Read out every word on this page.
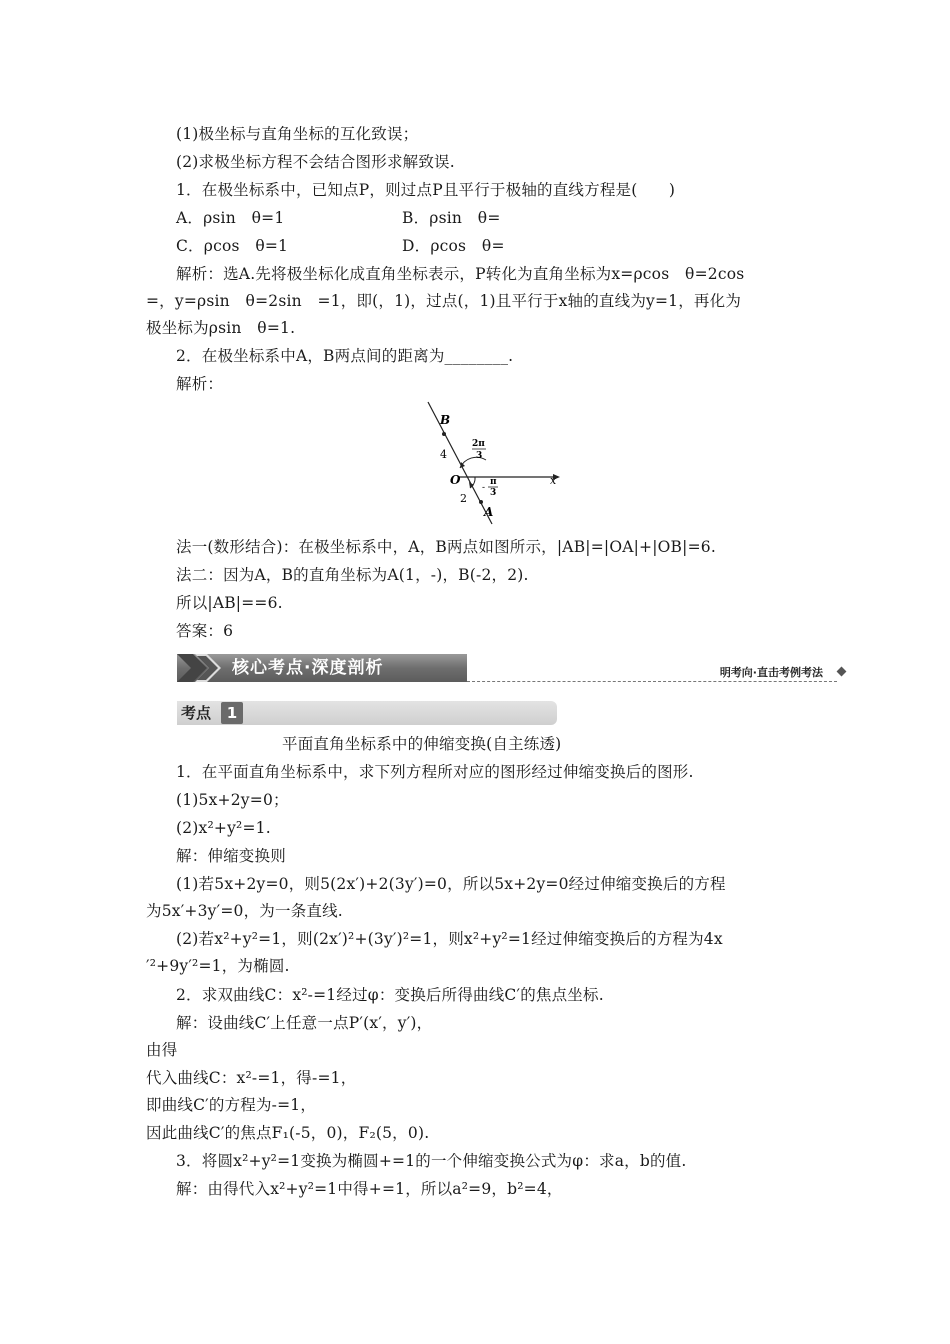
(1)极坐标与直角坐标的互化致误；
(2)求极坐标方程不会结合图形求解致误.
1．在极坐标系中，已知点P，则过点P且平行于极轴的直线方程是(　　)
A．ρsin　θ=1	B．ρsin　θ=
C．ρcos　θ=1	D．ρcos　θ=
解析：选A.先将极坐标化成直角坐标表示，P转化为直角坐标为x=ρcos　θ=2cos
=，y=ρsin　θ=2sin　=1，即(，1)，过点(，1)且平行于x轴的直线为y=1，再化为
极坐标为ρsin　θ=1.
2．在极坐标系中A，B两点间的距离为________.
解析：
B
A
O	x
4
2
2π
3
-
π
3
法一(数形结合)：在极坐标系中，A，B两点如图所示，|AB|=|OA|+|OB|=6.
法二：因为A，B的直角坐标为A(1，-)，B(-2，2).
所以|AB|==6.
答案：6
核心考点·深度剖析	明考向·直击考例考法
考点	1
平面直角坐标系中的伸缩变换(自主练透)
1．在平面直角坐标系中，求下列方程所对应的图形经过伸缩变换后的图形.
(1)5x+2y=0；
(2)x²+y²=1.
解：伸缩变换则
(1)若5x+2y=0，则5(2x′)+2(3y′)=0，所以5x+2y=0经过伸缩变换后的方程
为5x′+3y′=0，为一条直线.
(2)若x²+y²=1，则(2x′)²+(3y′)²=1，则x²+y²=1经过伸缩变换后的方程为4x
′²+9y′²=1，为椭圆.
2．求双曲线C：x²-=1经过φ：变换后所得曲线C′的焦点坐标.
解：设曲线C′上任意一点P′(x′，y′)，
由得
代入曲线C：x²-=1，得-=1，
即曲线C′的方程为-=1，
因此曲线C′的焦点F₁(-5，0)，F₂(5，0).
3．将圆x²+y²=1变换为椭圆+=1的一个伸缩变换公式为φ：求a，b的值.
解：由得代入x²+y²=1中得+=1，所以a²=9，b²=4，
